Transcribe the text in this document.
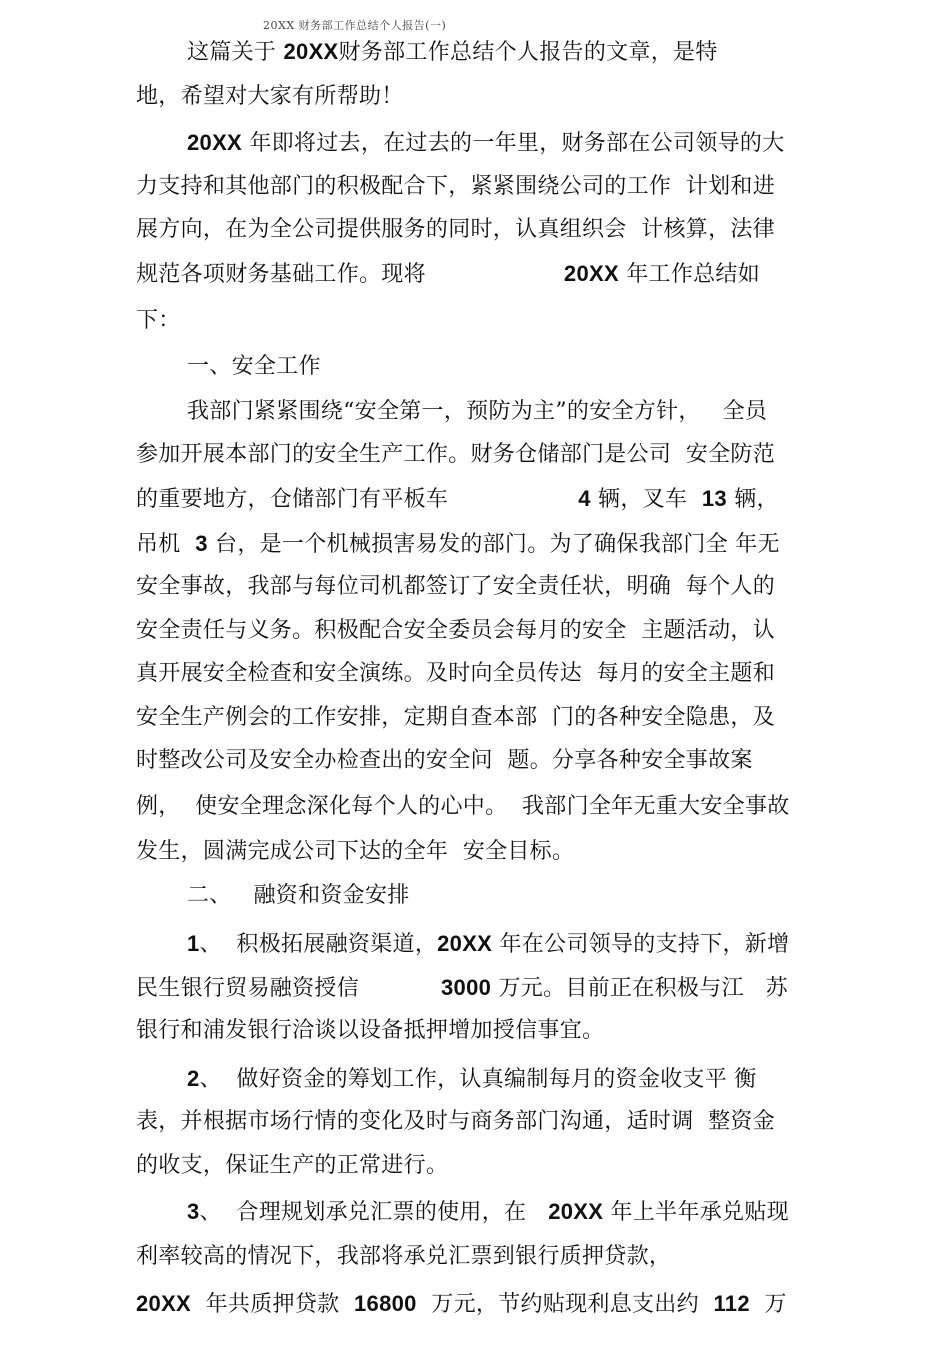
20XX 财务部工作总结个人报告(一)
这篇关于 20XX财务部工作总结个人报告的文章，是特
地，希望对大家有所帮助！
20XX 年即将过去，在过去的一年里，财务部在公司领导的大
力支持和其他部门的积极配合下，紧紧围绕公司的工作  计划和进
展方向，在为全公司提供服务的同时，认真组织会  计核算，法律
规范各项财务基础工作。现将	20XX 年工作总结如
下：
一、安全工作
我部门紧紧围绕“安全第一，预防为主”的安全方针，   全员
参加开展本部门的安全生产工作。财务仓储部门是公司  安全防范
的重要地方，仓储部门有平板车	4 辆，叉车  13 辆，
吊机  3 台，是一个机械损害易发的部门。为了确保我部门全 年无
安全事故，我部与每位司机都签订了安全责任状，明确  每个人的
安全责任与义务。积极配合安全委员会每月的安全  主题活动，认
真开展安全检查和安全演练。及时向全员传达  每月的安全主题和
安全生产例会的工作安排，定期自查本部  门的各种安全隐患，及
时整改公司及安全办检查出的安全问  题。分享各种安全事故案
例，  使安全理念深化每个人的心中。  我部门全年无重大安全事故
发生，圆满完成公司下达的全年  安全目标。
二、   融资和资金安排
1、  积极拓展融资渠道，20XX 年在公司领导的支持下，新增
民生银行贸易融资授信	3000 万元。目前正在积极与江   苏
银行和浦发银行洽谈以设备抵押增加授信事宜。
2、  做好资金的筹划工作，认真编制每月的资金收支平 衡
表，并根据市场行情的变化及时与商务部门沟通，适时调  整资金
的收支，保证生产的正常进行。
3、  合理规划承兑汇票的使用，在   20XX 年上半年承兑贴现
利率较高的情况下，我部将承兑汇票到银行质押贷款，
20XX  年共质押贷款  16800  万元，节约贴现利息支出约  112  万
